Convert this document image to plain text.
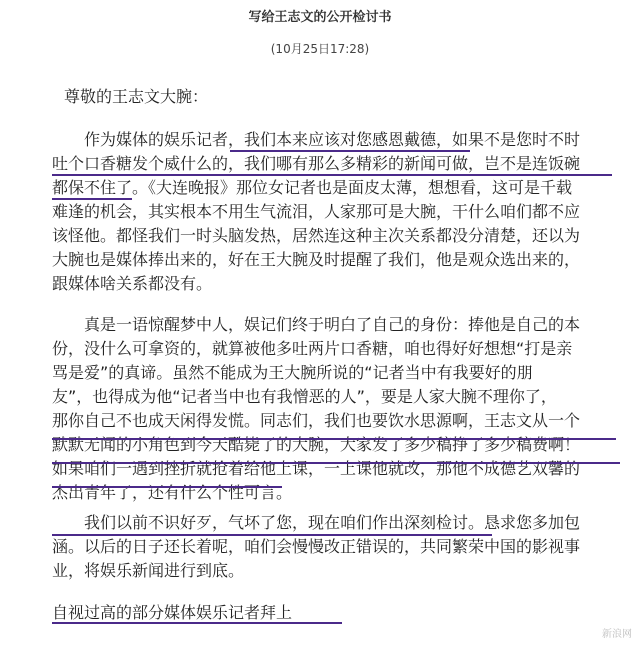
写给王志文的公开检讨书
(10月25日17:28)
尊敬的王志文大腕：
作为媒体的娱乐记者，我们本来应该对您感恩戴德，如果不是您时不时
吐个口香糖发个威什么的，我们哪有那么多精彩的新闻可做，岂不是连饭碗
都保不住了。《大连晚报》那位女记者也是面皮太薄，想想看，这可是千载
难逢的机会，其实根本不用生气流泪，人家那可是大腕，干什么咱们都不应
该怪他。都怪我们一时头脑发热，居然连这种主次关系都没分清楚，还以为
大腕也是媒体捧出来的，好在王大腕及时提醒了我们，他是观众选出来的，
跟媒体啥关系都没有。
真是一语惊醒梦中人，娱记们终于明白了自己的身份：捧他是自己的本
份，没什么可拿资的，就算被他多吐两片口香糖，咱也得好好想想“打是亲
骂是爱”的真谛。虽然不能成为王大腕所说的“记者当中有我要好的朋
友”，也得成为他“记者当中也有我憎恶的人”，要是人家大腕不理你了，
那你自己不也成天闲得发慌。同志们，我们也要饮水思源啊，王志文从一个
默默无闻的小角色到今天酷毙了的大腕，大家发了多少稿挣了多少稿费啊！
如果咱们一遇到挫折就抢着给他上课，一上课他就改，那他不成德艺双馨的
杰出青年了，还有什么个性可言。
我们以前不识好歹，气坏了您，现在咱们作出深刻检讨。恳求您多加包
涵。以后的日子还长着呢，咱们会慢慢改正错误的，共同繁荣中国的影视事
业，将娱乐新闻进行到底。
自视过高的部分媒体娱乐记者拜上
新浪网
